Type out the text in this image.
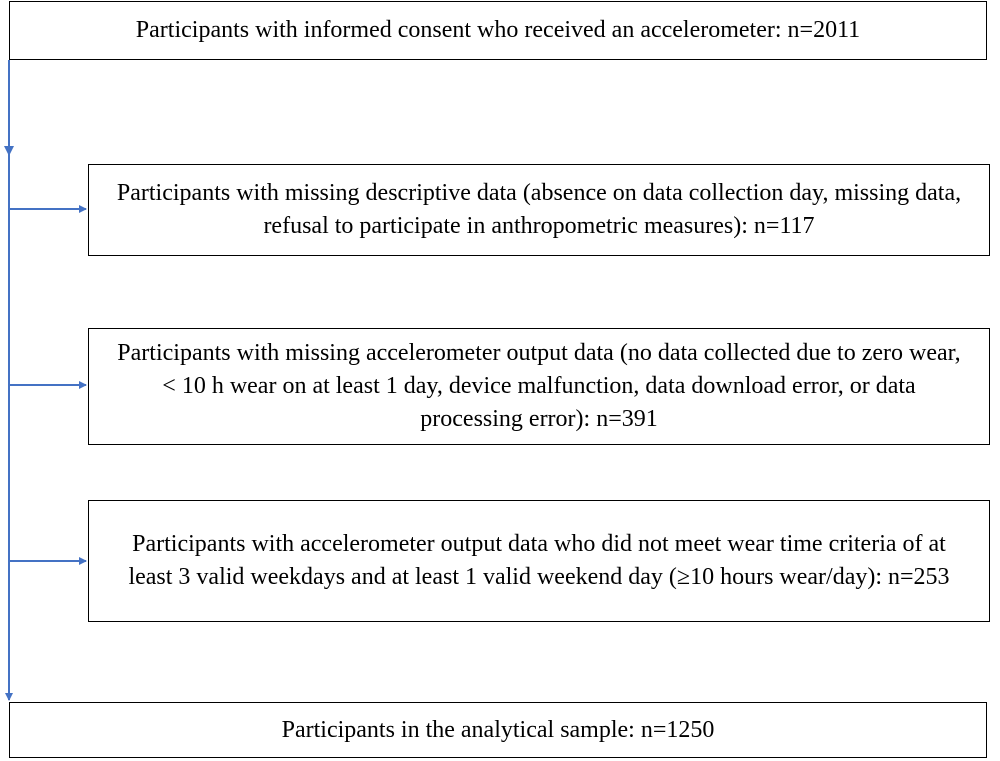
Participants with informed consent who received an accelerometer: n=2011
Participants with missing descriptive data (absence on data collection day, missing data, refusal to participate in anthropometric measures): n=117
Participants with missing accelerometer output data (no data collected due to zero wear, < 10 h wear on at least 1 day, device malfunction, data download error, or data processing error): n=391
Participants with accelerometer output data who did not meet wear time criteria of at least 3 valid weekdays and at least 1 valid weekend day (≥10 hours wear/day): n=253
Participants in the analytical sample: n=1250
